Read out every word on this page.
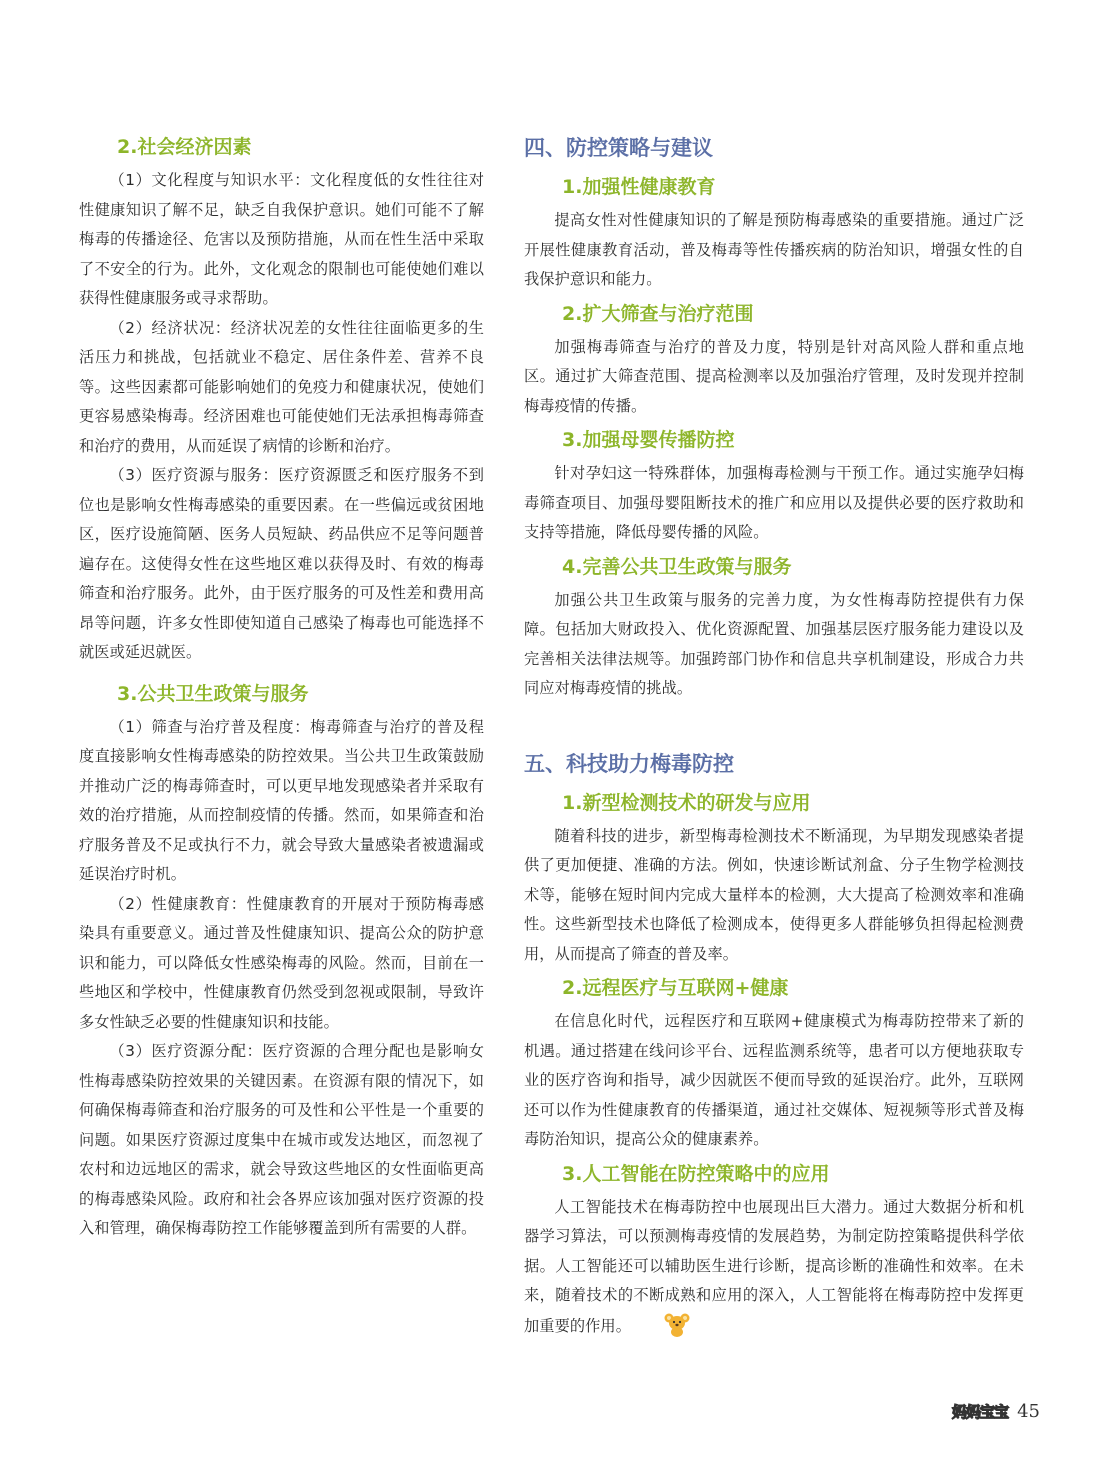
2.社会经济因素

（1）文化程度与知识水平：文化程度低的女性往往对性健康知识了解不足，缺乏自我保护意识。她们可能不了解梅毒的传播途径、危害以及预防措施，从而在性生活中采取了不安全的行为。此外，文化观念的限制也可能使她们难以获得性健康服务或寻求帮助。

（2）经济状况：经济状况差的女性往往面临更多的生活压力和挑战，包括就业不稳定、居住条件差、营养不良等。这些因素都可能影响她们的免疫力和健康状况，使她们更容易感染梅毒。经济困难也可能使她们无法承担梅毒筛查和治疗的费用，从而延误了病情的诊断和治疗。

（3）医疗资源与服务：医疗资源匮乏和医疗服务不到位也是影响女性梅毒感染的重要因素。在一些偏远或贫困地区，医疗设施简陋、医务人员短缺、药品供应不足等问题普遍存在。这使得女性在这些地区难以获得及时、有效的梅毒筛查和治疗服务。此外，由于医疗服务的可及性差和费用高昂等问题，许多女性即使知道自己感染了梅毒也可能选择不就医或延迟就医。

3.公共卫生政策与服务

（1）筛查与治疗普及程度：梅毒筛查与治疗的普及程度直接影响女性梅毒感染的防控效果。当公共卫生政策鼓励并推动广泛的梅毒筛查时，可以更早地发现感染者并采取有效的治疗措施，从而控制疫情的传播。然而，如果筛查和治疗服务普及不足或执行不力，就会导致大量感染者被遗漏或延误治疗时机。

（2）性健康教育：性健康教育的开展对于预防梅毒感染具有重要意义。通过普及性健康知识、提高公众的防护意识和能力，可以降低女性感染梅毒的风险。然而，目前在一些地区和学校中，性健康教育仍然受到忽视或限制，导致许多女性缺乏必要的性健康知识和技能。

（3）医疗资源分配：医疗资源的合理分配也是影响女性梅毒感染防控效果的关键因素。在资源有限的情况下，如何确保梅毒筛查和治疗服务的可及性和公平性是一个重要的问题。如果医疗资源过度集中在城市或发达地区，而忽视了农村和边远地区的需求，就会导致这些地区的女性面临更高的梅毒感染风险。政府和社会各界应该加强对医疗资源的投入和管理，确保梅毒防控工作能够覆盖到所有需要的人群。

四、防控策略与建议
1.加强性健康教育

提高女性对性健康知识的了解是预防梅毒感染的重要措施。通过广泛开展性健康教育活动，普及梅毒等性传播疾病的防治知识，增强女性的自我保护意识和能力。

2.扩大筛查与治疗范围

加强梅毒筛查与治疗的普及力度，特别是针对高风险人群和重点地区。通过扩大筛查范围、提高检测率以及加强治疗管理，及时发现并控制梅毒疫情的传播。

3.加强母婴传播防控

针对孕妇这一特殊群体，加强梅毒检测与干预工作。通过实施孕妇梅毒筛查项目、加强母婴阻断技术的推广和应用以及提供必要的医疗救助和支持等措施，降低母婴传播的风险。

4.完善公共卫生政策与服务

加强公共卫生政策与服务的完善力度，为女性梅毒防控提供有力保障。包括加大财政投入、优化资源配置、加强基层医疗服务能力建设以及完善相关法律法规等。加强跨部门协作和信息共享机制建设，形成合力共同应对梅毒疫情的挑战。

五、科技助力梅毒防控
1.新型检测技术的研发与应用

随着科技的进步，新型梅毒检测技术不断涌现，为早期发现感染者提供了更加便捷、准确的方法。例如，快速诊断试剂盒、分子生物学检测技术等，能够在短时间内完成大量样本的检测，大大提高了检测效率和准确性。这些新型技术也降低了检测成本，使得更多人群能够负担得起检测费用，从而提高了筛查的普及率。

2.远程医疗与互联网+健康

在信息化时代，远程医疗和互联网+健康模式为梅毒防控带来了新的机遇。通过搭建在线问诊平台、远程监测系统等，患者可以方便地获取专业的医疗咨询和指导，减少因就医不便而导致的延误治疗。此外，互联网还可以作为性健康教育的传播渠道，通过社交媒体、短视频等形式普及梅毒防治知识，提高公众的健康素养。

3.人工智能在防控策略中的应用

人工智能技术在梅毒防控中也展现出巨大潜力。通过大数据分析和机器学习算法，可以预测梅毒疫情的发展趋势，为制定防控策略提供科学依据。人工智能还可以辅助医生进行诊断，提高诊断的准确性和效率。在未来，随着技术的不断成熟和应用的深入，人工智能将在梅毒防控中发挥更加重要的作用。

妈妈宝宝 45
